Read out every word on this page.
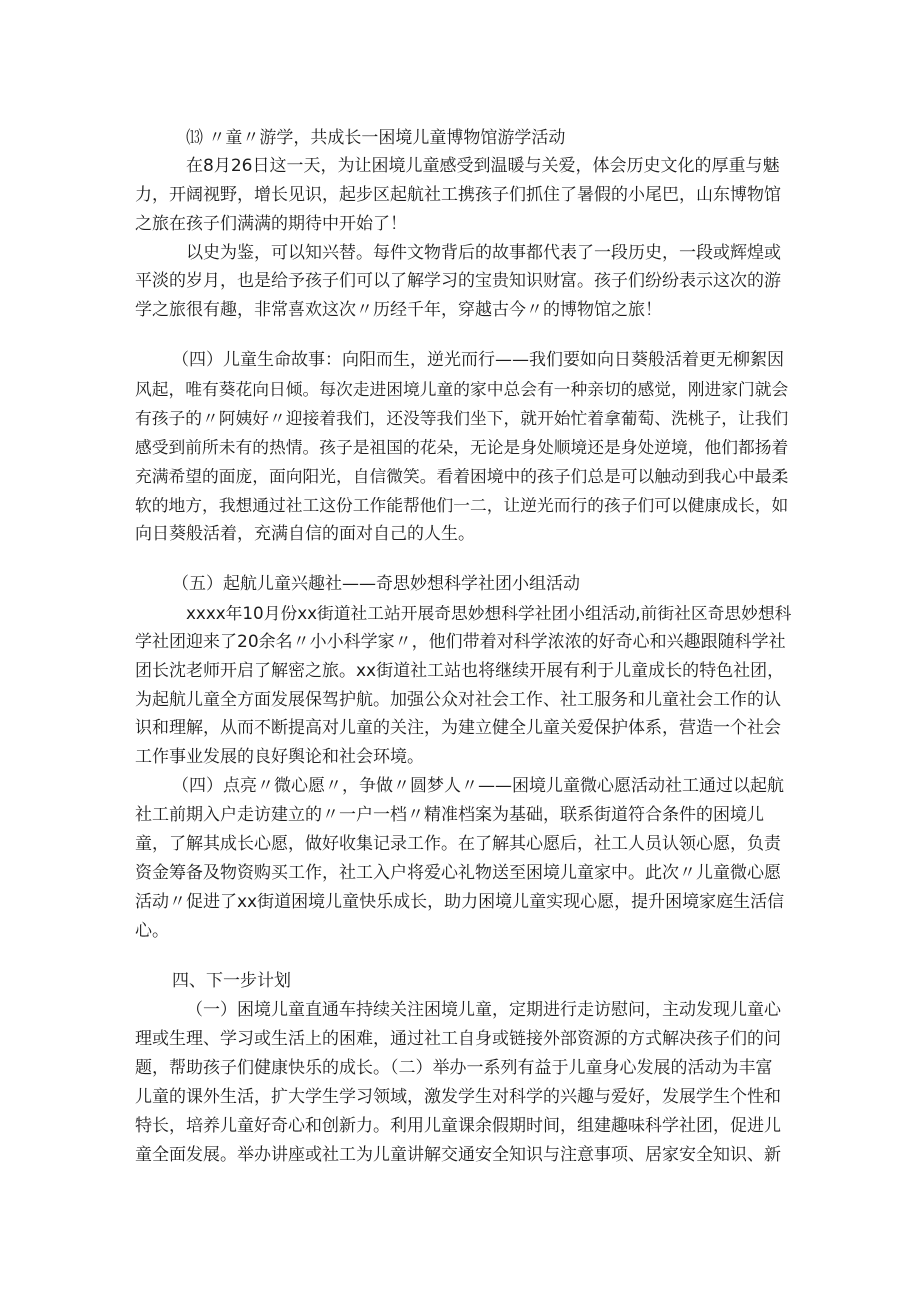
⒀ 〃童〃游学，共成长一困境儿童博物馆游学活动
在8月26日这一天，为让困境儿童感受到温暖与关爱，体会历史文化的厚重与魅
力，开阔视野，增长见识，起步区起航社工携孩子们抓住了暑假的小尾巴，山东博物馆
之旅在孩子们满满的期待中开始了！
以史为鉴，可以知兴替。每件文物背后的故事都代表了一段历史，一段或辉煌或
平淡的岁月，也是给予孩子们可以了解学习的宝贵知识财富。孩子们纷纷表示这次的游
学之旅很有趣，非常喜欢这次〃历经千年，穿越古今〃的博物馆之旅！
（四）儿童生命故事：向阳而生，逆光而行——我们要如向日葵般活着更无柳絮因
风起，唯有葵花向日倾。每次走进困境儿童的家中总会有一种亲切的感觉，刚进家门就会
有孩子的〃阿姨好〃迎接着我们，还没等我们坐下，就开始忙着拿葡萄、洗桃子，让我们
感受到前所未有的热情。孩子是祖国的花朵，无论是身处顺境还是身处逆境，他们都扬着
充满希望的面庞，面向阳光，自信微笑。看着困境中的孩子们总是可以触动到我心中最柔
软的地方，我想通过社工这份工作能帮他们一二，让逆光而行的孩子们可以健康成长，如
向日葵般活着，充满自信的面对自己的人生。
（五）起航儿童兴趣社——奇思妙想科学社团小组活动
xxxx年10月份xx街道社工站开展奇思妙想科学社团小组活动,前街社区奇思妙想科
学社团迎来了20余名〃小小科学家〃，他们带着对科学浓浓的好奇心和兴趣跟随科学社
团长沈老师开启了解密之旅。xx街道社工站也将继续开展有利于儿童成长的特色社团，
为起航儿童全方面发展保驾护航。加强公众对社会工作、社工服务和儿童社会工作的认
识和理解，从而不断提高对儿童的关注，为建立健全儿童关爱保护体系，营造一个社会
工作事业发展的良好舆论和社会环境。
（四）点亮〃微心愿〃，争做〃圆梦人〃——困境儿童微心愿活动社工通过以起航
社工前期入户走访建立的〃一户一档〃精准档案为基础，联系街道符合条件的困境儿
童，了解其成长心愿，做好收集记录工作。在了解其心愿后，社工人员认领心愿，负责
资金筹备及物资购买工作，社工入户将爱心礼物送至困境儿童家中。此次〃儿童微心愿
活动〃促进了xx街道困境儿童快乐成长，助力困境儿童实现心愿，提升困境家庭生活信
心。
四、下一步计划
（一）困境儿童直通车持续关注困境儿童，定期进行走访慰问，主动发现儿童心
理或生理、学习或生活上的困难，通过社工自身或链接外部资源的方式解决孩子们的问
题，帮助孩子们健康快乐的成长。（二）举办一系列有益于儿童身心发展的活动为丰富
儿童的课外生活，扩大学生学习领域，激发学生对科学的兴趣与爱好，发展学生个性和
特长，培养儿童好奇心和创新力。利用儿童课余假期时间，组建趣味科学社团，促进儿
童全面发展。举办讲座或社工为儿童讲解交通安全知识与注意事项、居家安全知识、新
